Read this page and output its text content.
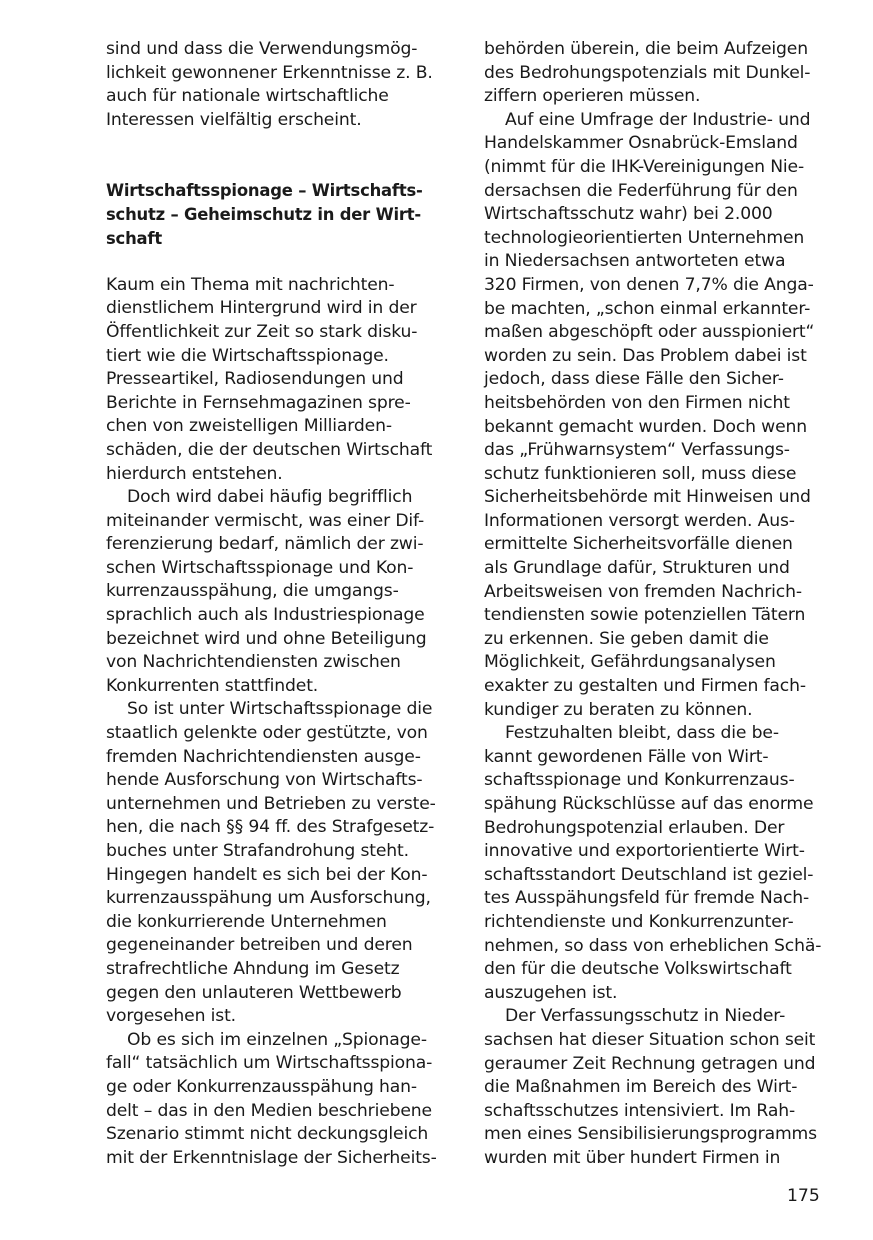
sind und dass die Verwendungsmög-
lichkeit gewonnener Erkenntnisse z. B.
auch für nationale wirtschaftliche
Interessen vielfältig erscheint.
Wirtschaftsspionage – Wirtschafts-
schutz – Geheimschutz in der Wirt-
schaft
Kaum ein Thema mit nachrichten-
dienstlichem Hintergrund wird in der
Öffentlichkeit zur Zeit so stark disku-
tiert wie die Wirtschaftsspionage.
Presseartikel, Radiosendungen und
Berichte in Fernsehmagazinen spre-
chen von zweistelligen Milliarden-
schäden, die der deutschen Wirtschaft
hierdurch entstehen.
Doch wird dabei häufig begrifflich
miteinander vermischt, was einer Dif-
ferenzierung bedarf, nämlich der zwi-
schen Wirtschaftsspionage und Kon-
kurrenzausspähung, die umgangs-
sprachlich auch als Industriespionage
bezeichnet wird und ohne Beteiligung
von Nachrichtendiensten zwischen
Konkurrenten stattfindet.
So ist unter Wirtschaftsspionage die
staatlich gelenkte oder gestützte, von
fremden Nachrichtendiensten ausge-
hende Ausforschung von Wirtschafts-
unternehmen und Betrieben zu verste-
hen, die nach §§ 94 ff. des Strafgesetz-
buches unter Strafandrohung steht.
Hingegen handelt es sich bei der Kon-
kurrenzausspähung um Ausforschung,
die konkurrierende Unternehmen
gegeneinander betreiben und deren
strafrechtliche Ahndung im Gesetz
gegen den unlauteren Wettbewerb
vorgesehen ist.
Ob es sich im einzelnen „Spionage-
fall“ tatsächlich um Wirtschaftsspiona-
ge oder Konkurrenzausspähung han-
delt – das in den Medien beschriebene
Szenario stimmt nicht deckungsgleich
mit der Erkenntnislage der Sicherheits-
behörden überein, die beim Aufzeigen
des Bedrohungspotenzials mit Dunkel-
ziffern operieren müssen.
Auf eine Umfrage der Industrie- und
Handelskammer Osnabrück-Emsland
(nimmt für die IHK-Vereinigungen Nie-
dersachsen die Federführung für den
Wirtschaftsschutz wahr) bei 2.000
technologieorientierten Unternehmen
in Niedersachsen antworteten etwa
320 Firmen, von denen 7,7% die Anga-
be machten, „schon einmal erkannter-
maßen abgeschöpft oder ausspioniert“
worden zu sein. Das Problem dabei ist
jedoch, dass diese Fälle den Sicher-
heitsbehörden von den Firmen nicht
bekannt gemacht wurden. Doch wenn
das „Frühwarnsystem“ Verfassungs-
schutz funktionieren soll, muss diese
Sicherheitsbehörde mit Hinweisen und
Informationen versorgt werden. Aus-
ermittelte Sicherheitsvorfälle dienen
als Grundlage dafür, Strukturen und
Arbeitsweisen von fremden Nachrich-
tendiensten sowie potenziellen Tätern
zu erkennen. Sie geben damit die
Möglichkeit, Gefährdungsanalysen
exakter zu gestalten und Firmen fach-
kundiger zu beraten zu können.
Festzuhalten bleibt, dass die be-
kannt gewordenen Fälle von Wirt-
schaftsspionage und Konkurrenzaus-
spähung Rückschlüsse auf das enorme
Bedrohungspotenzial erlauben. Der
innovative und exportorientierte Wirt-
schaftsstandort Deutschland ist geziel-
tes Ausspähungsfeld für fremde Nach-
richtendienste und Konkurrenzunter-
nehmen, so dass von erheblichen Schä-
den für die deutsche Volkswirtschaft
auszugehen ist.
Der Verfassungsschutz in Nieder-
sachsen hat dieser Situation schon seit
geraumer Zeit Rechnung getragen und
die Maßnahmen im Bereich des Wirt-
schaftsschutzes intensiviert. Im Rah-
men eines Sensibilisierungsprogramms
wurden mit über hundert Firmen in
175
